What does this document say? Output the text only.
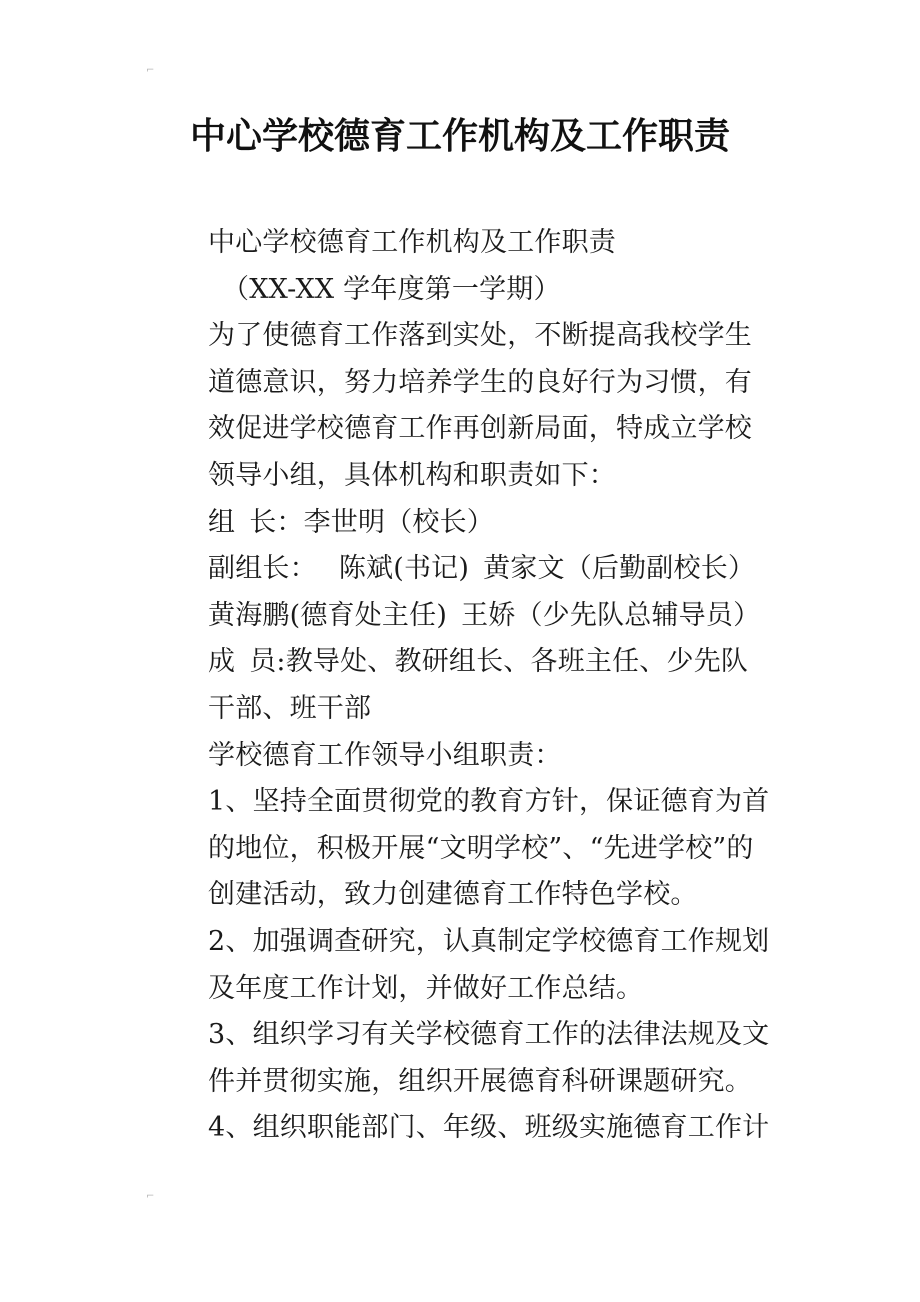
⌐
中心学校德育工作机构及工作职责

中心学校德育工作机构及工作职责

（XX-XX 学年度第一学期）

为了使德育工作落到实处，不断提高我校学生道德意识，努力培养学生的良好行为习惯，有效促进学校德育工作再创新局面，特成立学校领导小组，具体机构和职责如下：

组 长：李世明（校长）

副组长： 陈斌(书记) 黄家文（后勤副校长）

黄海鹏(德育处主任) 王娇（少先队总辅导员）

成 员:教导处、教研组长、各班主任、少先队干部、班干部

学校德育工作领导小组职责：

1、坚持全面贯彻党的教育方针，保证德育为首的地位，积极开展“文明学校”、“先进学校”的创建活动，致力创建德育工作特色学校。

2、加强调查研究，认真制定学校德育工作规划及年度工作计划，并做好工作总结。

3、组织学习有关学校德育工作的法律法规及文件并贯彻实施，组织开展德育科研课题研究。

4、组织职能部门、年级、班级实施德育工作计

⌐
